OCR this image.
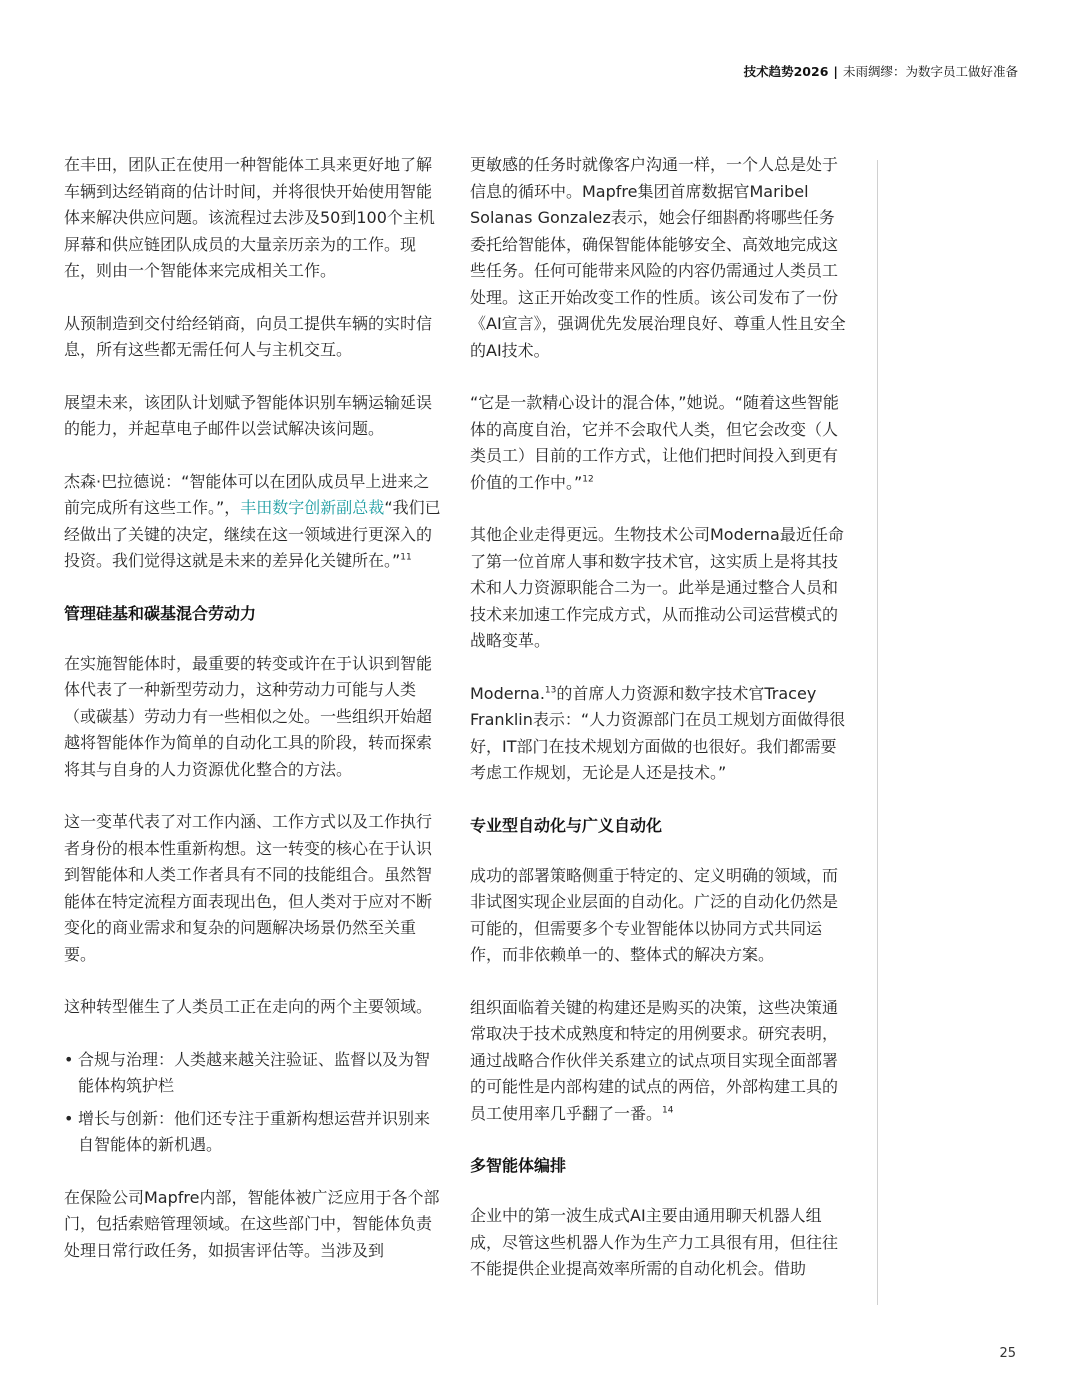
技术趋势2026 | 未雨绸缪：为数字员工做好准备

在丰田，团队正在使用一种智能体工具来更好地了解车辆到达经销商的估计时间，并将很快开始使用智能体来解决供应问题。该流程过去涉及50到100个主机屏幕和供应链团队成员的大量亲历亲为的工作。现在，则由一个智能体来完成相关工作。

从预制造到交付给经销商，向员工提供车辆的实时信息，所有这些都无需任何人与主机交互。

展望未来，该团队计划赋予智能体识别车辆运输延误的能力，并起草电子邮件以尝试解决该问题。

杰森·巴拉德说：“智能体可以在团队成员早上进来之前完成所有这些工作。”，丰田数字创新副总裁“我们已经做出了关键的决定，继续在这一领域进行更深入的投资。我们觉得这就是未来的差异化关键所在。”$^{11}$

管理硅基和碳基混合劳动力

在实施智能体时，最重要的转变或许在于认识到智能体代表了一种新型劳动力，这种劳动力可能与人类（或碳基）劳动力有一些相似之处。一些组织开始超越将智能体作为简单的自动化工具的阶段，转而探索将其与自身的人力资源优化整合的方法。

这一变革代表了对工作内涵、工作方式以及工作执行者身份的根本性重新构想。这一转变的核心在于认识到智能体和人类工作者具有不同的技能组合。虽然智能体在特定流程方面表现出色，但人类对于应对不断变化的商业需求和复杂的问题解决场景仍然至关重要。

这种转型催生了人类员工正在走向的两个主要领域。

• 合规与治理：人类越来越关注验证、监督以及为智能体构筑护栏
• 增长与创新：他们还专注于重新构想运营并识别来自智能体的新机遇。

在保险公司Mapfre内部，智能体被广泛应用于各个部门，包括索赔管理领域。在这些部门中，智能体负责处理日常行政任务，如损害评估等。当涉及到

更敏感的任务时就像客户沟通一样，一个人总是处于信息的循环中。Mapfre集团首席数据官Maribel Solanas Gonzalez表示，她会仔细斟酌将哪些任务委托给智能体，确保智能体能够安全、高效地完成这些任务。任何可能带来风险的内容仍需通过人类员工处理。这正开始改变工作的性质。该公司发布了一份《AI宣言》，强调优先发展治理良好、尊重人性且安全的AI技术。

“它是一款精心设计的混合体，”她说。“随着这些智能体的高度自治，它并不会取代人类，但它会改变（人类员工）目前的工作方式，让他们把时间投入到更有价值的工作中。”$^{12}$

其他企业走得更远。生物技术公司Moderna最近任命了第一位首席人事和数字技术官，这实质上是将其技术和人力资源职能合二为一。此举是通过整合人员和技术来加速工作完成方式，从而推动公司运营模式的战略变革。

Moderna.$^{13}$的首席人力资源和数字技术官Tracey Franklin表示：“人力资源部门在员工规划方面做得很好，IT部门在技术规划方面做的也很好。我们都需要考虑工作规划，无论是人还是技术。”

专业型自动化与广义自动化

成功的部署策略侧重于特定的、定义明确的领域，而非试图实现企业层面的自动化。广泛的自动化仍然是可能的，但需要多个专业智能体以协同方式共同运作，而非依赖单一的、整体式的解决方案。

组织面临着关键的构建还是购买的决策，这些决策通常取决于技术成熟度和特定的用例要求。研究表明，通过战略合作伙伴关系建立的试点项目实现全面部署的可能性是内部构建的试点的两倍，外部构建工具的员工使用率几乎翻了一番。$^{14}$

多智能体编排

企业中的第一波生成式AI主要由通用聊天机器人组成，尽管这些机器人作为生产力工具很有用，但往往不能提供企业提高效率所需的自动化机会。借助

25
